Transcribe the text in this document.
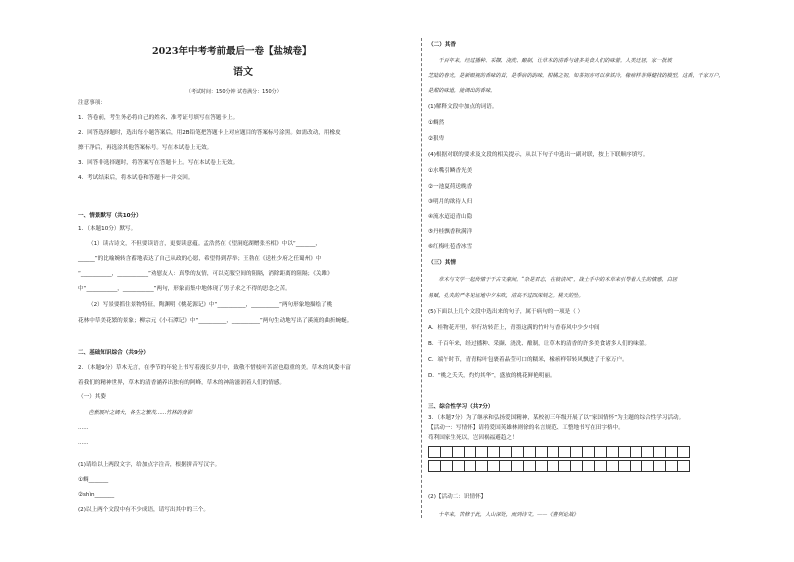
2023年中考考前最后一卷【盐城卷】
语文
（考试时间：150分钟 试卷满分：150分）
注意事项：
1．答卷前，考生务必将自己的姓名、准考证号填写在答题卡上。
2．回答选择题时，选出每小题答案后，用2B铅笔把答题卡上对应题目的答案标号涂黑。如需改动，用橡皮
擦干净后，再选涂其他答案标号。写在本试卷上无效。
3．回答非选择题时，将答案写在答题卡上。写在本试卷上无效。
4．考试结束后，将本试卷和答题卡一并交回。
一、情景默写（共10分）
1．（本题10分）默写。
（1）读古诗文，不但要读语言，更要读意蕴。孟浩然在《望洞庭湖赠张丞相》中以“_______，
______”的比喻婉转含蓄地表达了自己从政的心愿，希望得到荐举；王勃在《送杜少府之任蜀州》中
“___________，___________”劝慰友人：真挚的友情，可以克服空间的阻隔，消除距离的阻隔；《关雎》
中“___________，___________”两句，形象而集中地体现了男子求之不得的思念之苦。
（2）写景要抓住景物特征，陶渊明《桃花源记》中“__________，__________”两句形象地描绘了桃
花林中草美花繁的景象；柳宗元《小石潭记》中“__________，__________”两句生动地写出了溪流的曲折蜿蜒。
二、基础知识综合（共9分）
2．（本题9分）草木无言，在季节的年轮上书写着漫长岁月中，致敬不惜枝叶苦涩也稳重的美。草木的风姿丰富
着我们的精神世界，草木的清香涵养出独有的阿峰，草木的神韵滋润着人们的情感。
（一）其姿
　　芭蕉展叶之阔大，各生之繁茂……竹林的身影
……
……
(1)请给以上两段文字，给加点字注音，根据拼音写汉字。
①蜩_______
②shìn_______
(2)以上两个文段中有不少成语，请写出其中的三个。
（二）其香
　　千百年来，经过播种、采撷、浇洗、酿制，让草木的清香与诸多美食人们的味蕾。人类迁居，家一批坡
芝陆的春光，是新眼视的香味的首，是季宿的韵味。柑橘之初，如茶初亦可以拿铁冷，椽瘀样非得健找的模型，这香，千家万户，
是甜的味道，能调出的香味。
(1)解释文段中加点的词语。
①蜩然
②狠卑
(4)根据对联的要求及文段的相关提示，从以下句子中选出一副对联，按上下联顺序填写。
①水嘴引鳞香光美
②一池夏荷送晚香
③明月的欲待人归
④流水迢迢青山隐
⑤丹桂飘香秋满洋
⑥红梅吐苞香冰雪
（三）其情
　　草木与文学一起传情于千古文豪间。“杂是君志，在彼清风”，战士手中的木草来引导着人生的情感，白居
易赋，孔夫的严冬见证地中夕东吹，清高不过四深刻之。桃天的坠。
(5)下面以上几个文段中选出来的句子，属于病句的一项是（ ）
A．桂物花开里，举行坊转茫上，青墨这满的竹叶与香春风中少少中间
B．千百年来，经过播种、采撷、浇洗、酿制，让草木的清香的许多美食诸多人们的味蕾。
C．端午时节，青青粽叶包裹着晶莹可口的糯米，椽瘀样带转风飘进了千家万户。
D．“桃之夭夭，灼灼其华”，盛放的桃花鲜艳明丽。
三、综合性学习（共7分）
3．（本题7分）为了继承和弘扬爱国精神，某校初三年级开展了以“家国情怀”为主题的综合性学习活动。
【活动一：写情怀】请将爱国英雄林则徐的名言规范、工整地书写在田字格中。
苟利国家生死以，岂因祸福避趋之！

(2)【活动二：识情怀】
　　十年来，苦修于此，人山深处，而到诗文。——《曹刿论战》
